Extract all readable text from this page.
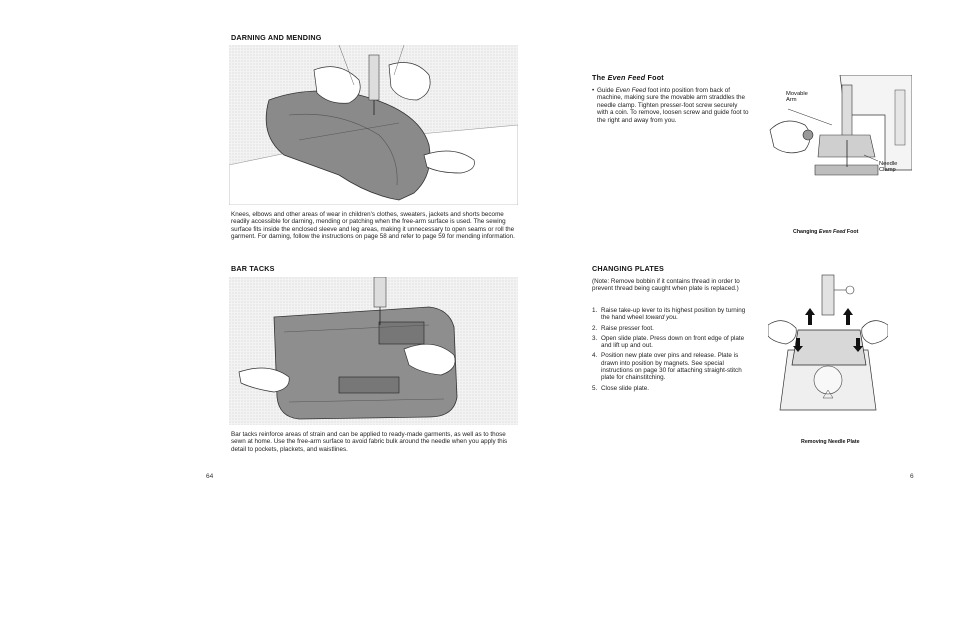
DARNING AND MENDING
Knees, elbows and other areas of wear in children's clothes, sweaters, jackets and shorts become readily accessible for darning, mending or patching when the free-arm surface is used. The sewing surface fits inside the enclosed sleeve and leg areas, making it unnecessary to open seams or roll the garment. For darning, follow the instructions on page 58 and refer to page 59 for mending information.
BAR TACKS
Bar tacks reinforce areas of strain and can be applied to ready-made garments, as well as to those sewn at home. Use the free-arm surface to avoid fabric bulk around the needle when you apply this detail to pockets, plackets, and waistlines.
64
The Even Feed Foot
• Guide Even Feed foot into position from back of machine, making sure the movable arm straddles the needle clamp. Tighten presser-foot screw securely with a coin. To remove, loosen screw and guide foot to the right and away from you.
Movable Arm
Needle Clamp
Changing Even Feed Foot
CHANGING PLATES
(Note: Remove bobbin if it contains thread in order to prevent thread being caught when plate is replaced.)
1. Raise take-up lever to its highest position by turning the hand wheel toward you.
2. Raise presser foot.
3. Open slide plate. Press down on front edge of plate and lift up and out.
4. Position new plate over pins and release. Plate is drawn into position by magnets. See special instructions on page 30 for attaching straight-stitch plate for chainstitching.
5. Close slide plate.
Removing Needle Plate
6
